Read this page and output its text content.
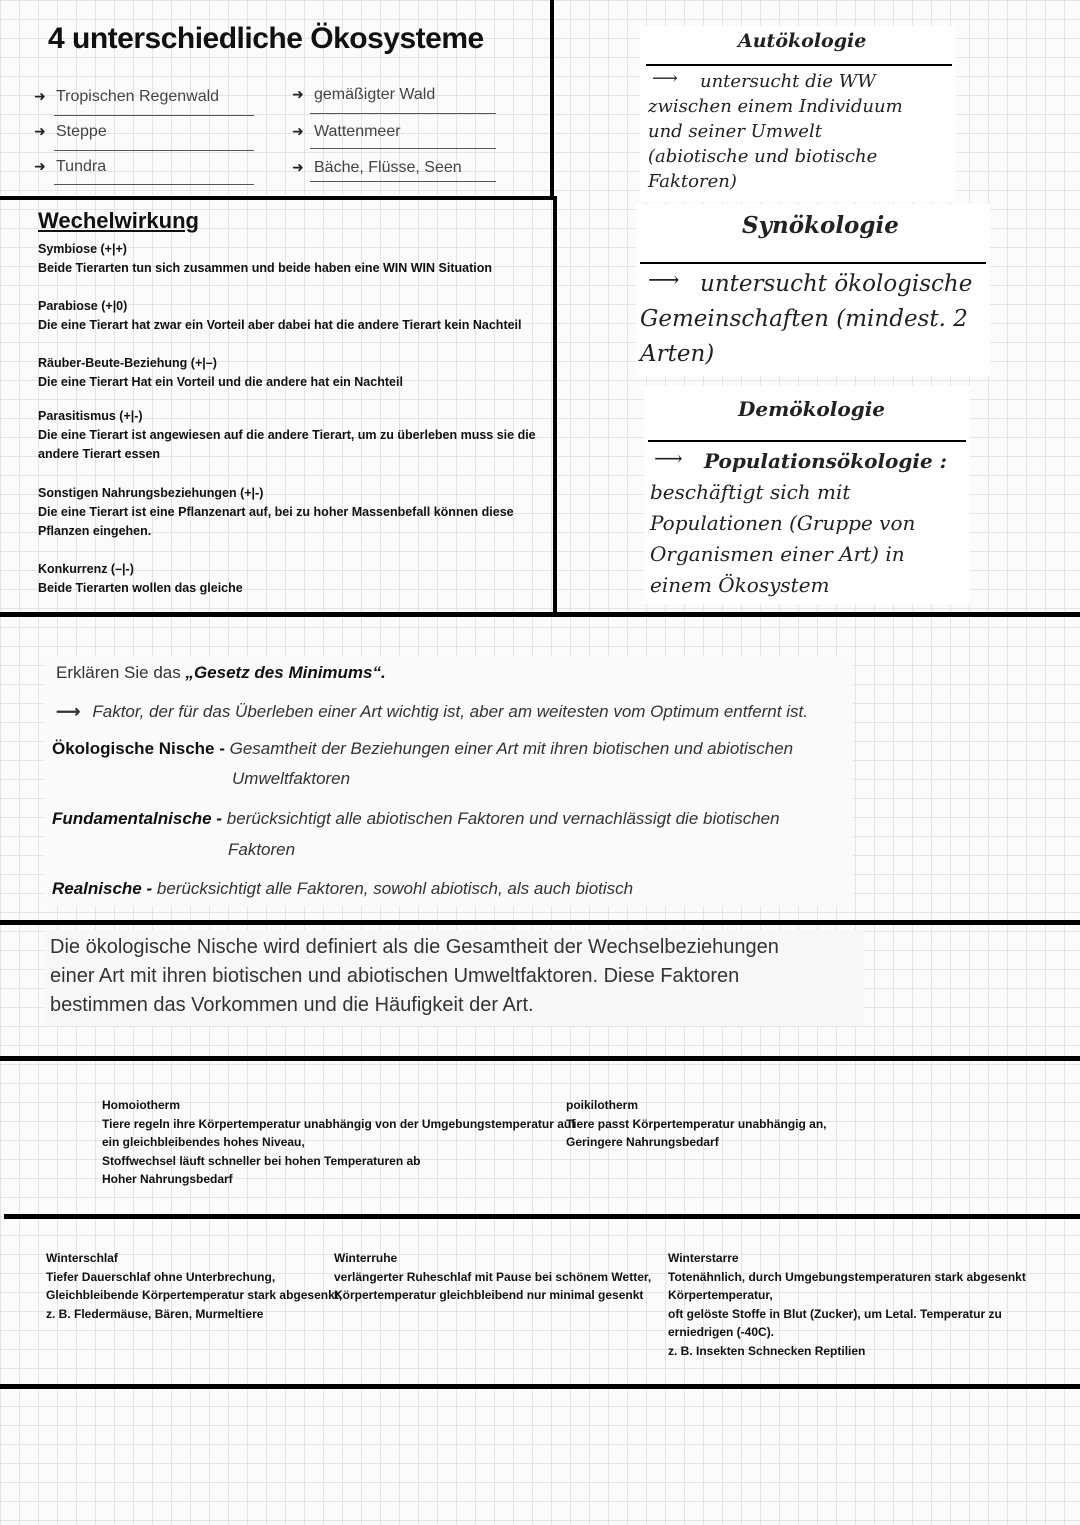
4 unterschiedliche Ökosysteme
➜ Tropischen Regenwald
➜ Steppe
➜ Tundra
➜ gemäßigter Wald
➜ Wattenmeer
➜ Bäche, Flüsse, Seen
Wechelwirkung
Symbiose (+|+)
Beide Tierarten tun sich zusammen und beide haben eine WIN WIN Situation
Parabiose (+|0)
Die eine Tierart hat zwar ein Vorteil aber dabei hat die andere Tierart kein Nachteil
Räuber-Beute-Beziehung (+|–)
Die eine Tierart Hat ein Vorteil und die andere hat ein Nachteil
Parasitismus (+|-)
Die eine Tierart ist angewiesen auf die andere Tierart, um zu überleben muss sie die
andere Tierart essen
Sonstigen Nahrungsbeziehungen (+|-)
Die eine Tierart ist eine Pflanzenart auf, bei zu hoher Massenbefall können diese
Pflanzen eingehen.
Konkurrenz (–|-)
Beide Tierarten wollen das gleiche
Autökologie
⟶ untersucht die WW
zwischen einem Individuum
und seiner Umwelt
(abiotische und biotische
Faktoren)
Synökologie
⟶ untersucht ökologische
Gemeinschaften (mindest. 2
Arten)
Demökologie
⟶ Populationsökologie :
beschäftigt sich mit
Populationen (Gruppe von
Organismen einer Art) in
einem Ökosystem
Erklären Sie das „Gesetz des Minimums“.
⟶ Faktor, der für das Überleben einer Art wichtig ist, aber am weitesten vom Optimum entfernt ist.
Ökologische Nische - Gesamtheit der Beziehungen einer Art mit ihren biotischen und abiotischen
Umweltfaktoren
Fundamentalnische - berücksichtigt alle abiotischen Faktoren und vernachlässigt die biotischen
Faktoren
Realnische - berücksichtigt alle Faktoren, sowohl abiotisch, als auch biotisch
Die ökologische Nische wird definiert als die Gesamtheit der Wechselbeziehungen
einer Art mit ihren biotischen und abiotischen Umweltfaktoren. Diese Faktoren
bestimmen das Vorkommen und die Häufigkeit der Art.
Homoiotherm
Tiere regeln ihre Körpertemperatur unabhängig von der Umgebungstemperatur auf
ein gleichbleibendes hohes Niveau,
Stoffwechsel läuft schneller bei hohen Temperaturen ab
Hoher Nahrungsbedarf
poikilotherm
Tiere passt Körpertemperatur unabhängig an,
Geringere Nahrungsbedarf
Winterschlaf
Tiefer Dauerschlaf ohne Unterbrechung,
Gleichbleibende Körpertemperatur stark abgesenkt,
z. B. Fledermäuse, Bären, Murmeltiere
Winterruhe
verlängerter Ruheschlaf mit Pause bei schönem Wetter,
Körpertemperatur gleichbleibend nur minimal gesenkt
Winterstarre
Totenähnlich, durch Umgebungstemperaturen stark abgesenkt
Körpertemperatur,
oft gelöste Stoffe in Blut (Zucker), um Letal. Temperatur zu
erniedrigen (-40C).
z. B. Insekten Schnecken Reptilien
